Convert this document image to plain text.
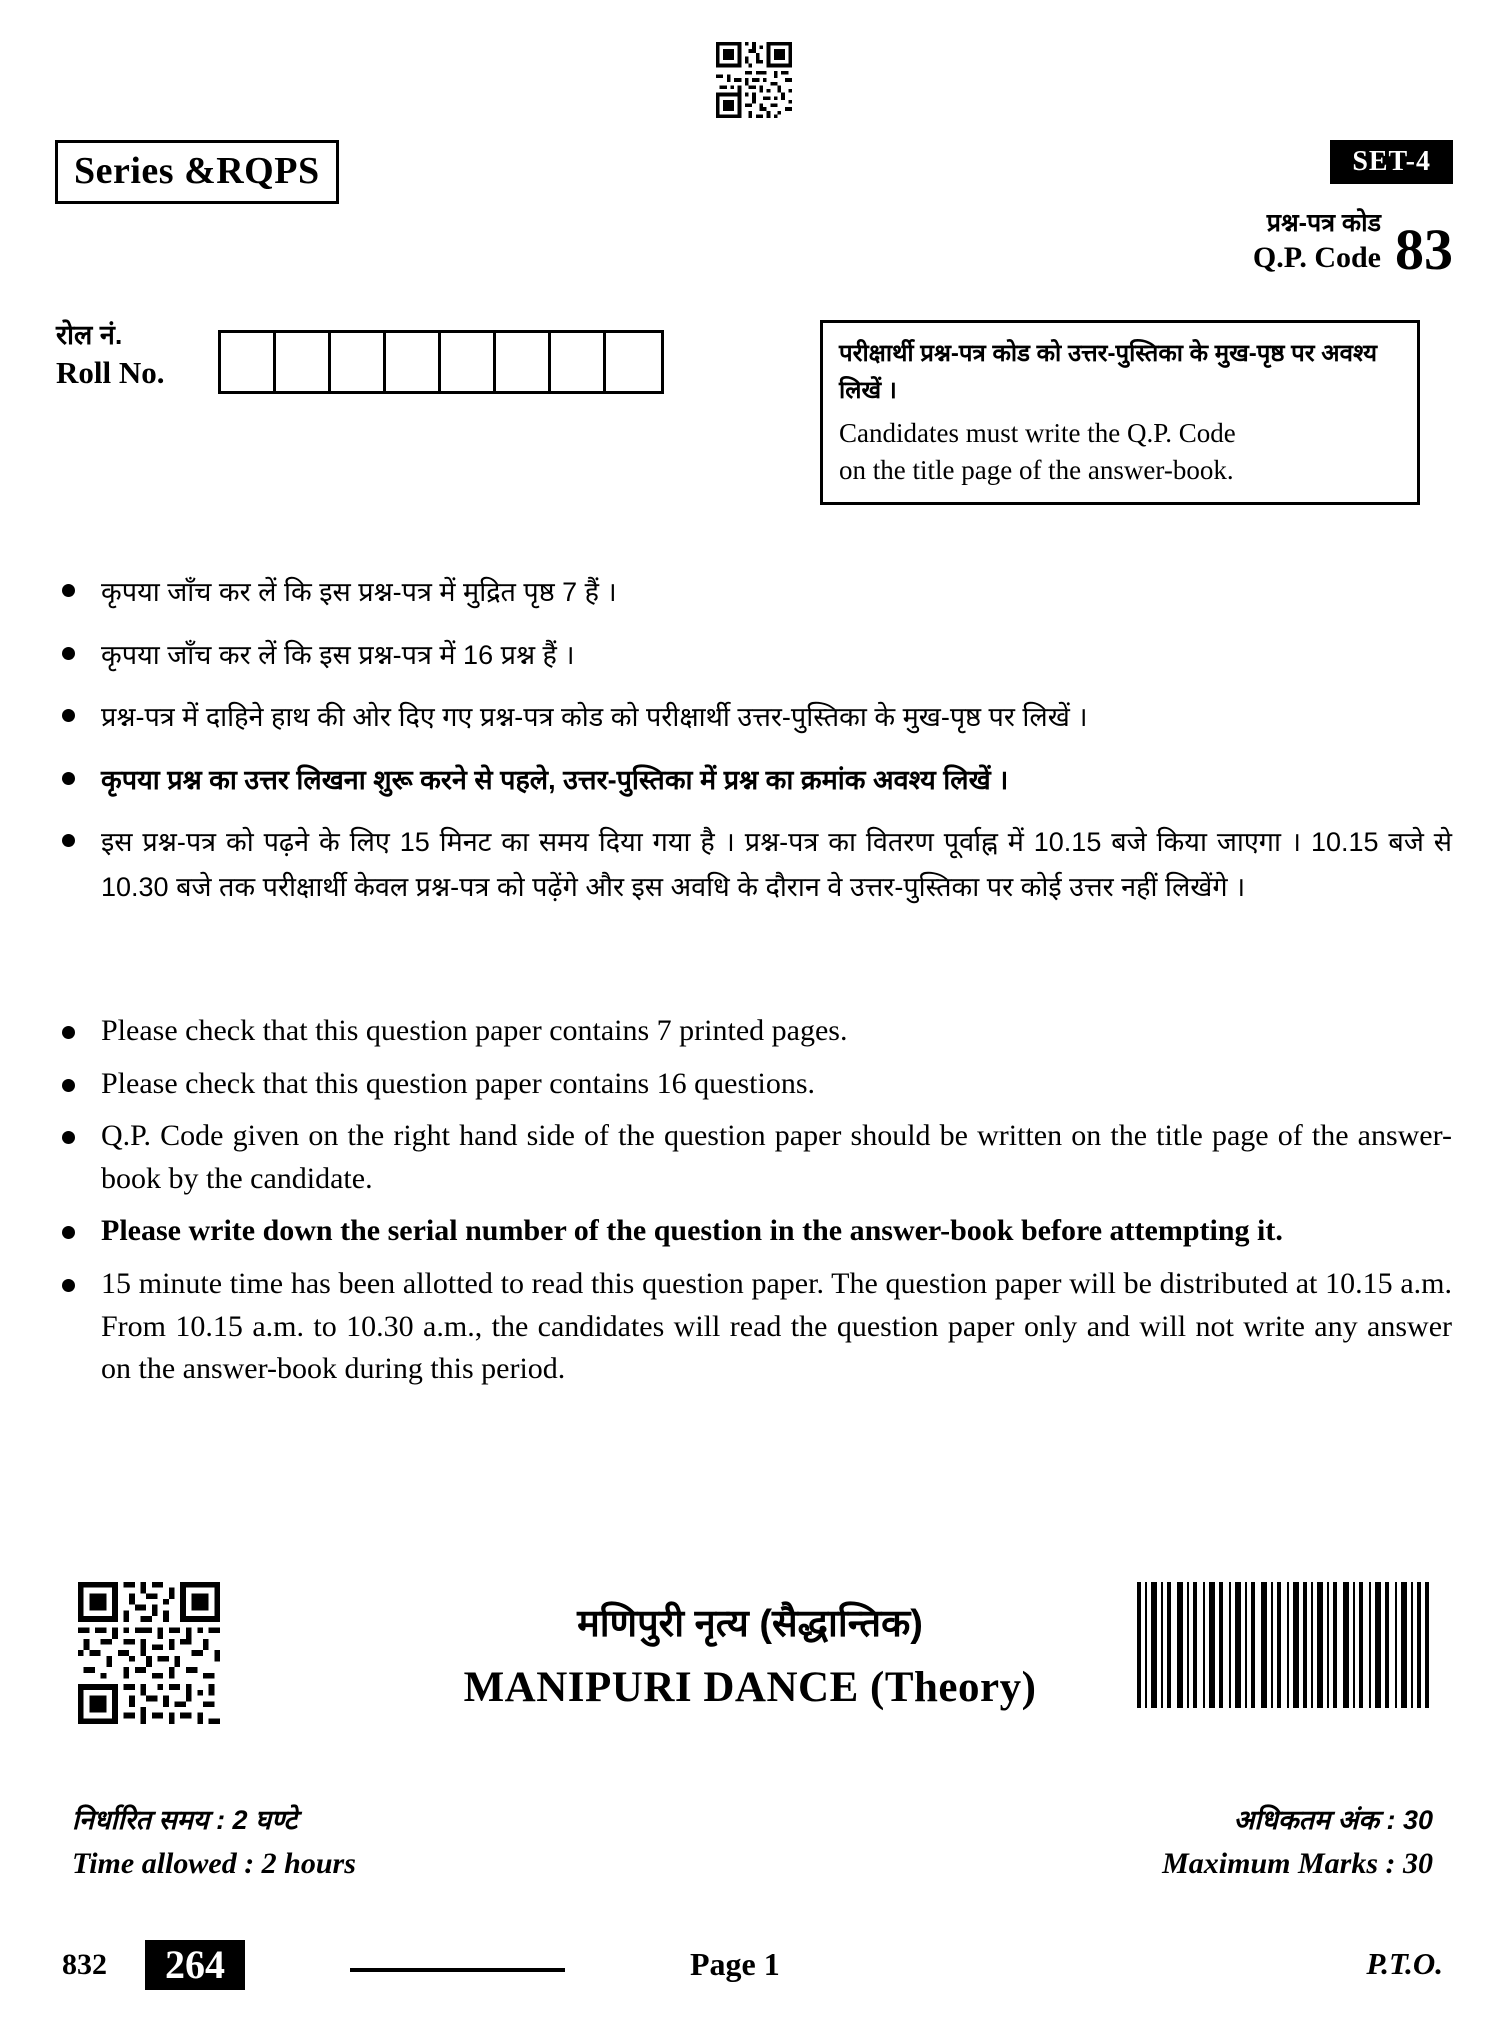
Series &RQPS	SET-4
प्रश्न-पत्र कोड
Q.P. Code 83
रोल नं.
Roll No.
परीक्षार्थी प्रश्न-पत्र कोड को उत्तर-पुस्तिका के मुख-पृष्ठ पर अवश्य लिखें ।
Candidates must write the Q.P. Code
on the title page of the answer-book.
कृपया जाँच कर लें कि इस प्रश्न-पत्र में मुद्रित पृष्ठ 7 हैं ।
कृपया जाँच कर लें कि इस प्रश्न-पत्र में 16 प्रश्न हैं ।
प्रश्न-पत्र में दाहिने हाथ की ओर दिए गए प्रश्न-पत्र कोड को परीक्षार्थी उत्तर-पुस्तिका के मुख-पृष्ठ पर लिखें ।
कृपया प्रश्न का उत्तर लिखना शुरू करने से पहले, उत्तर-पुस्तिका में प्रश्न का क्रमांक अवश्य लिखें ।
इस प्रश्न-पत्र को पढ़ने के लिए 15 मिनट का समय दिया गया है । प्रश्न-पत्र का वितरण पूर्वाह्न में 10.15 बजे किया जाएगा । 10.15 बजे से 10.30 बजे तक परीक्षार्थी केवल प्रश्न-पत्र को पढ़ेंगे और इस अवधि के दौरान वे उत्तर-पुस्तिका पर कोई उत्तर नहीं लिखेंगे ।
Please check that this question paper contains 7 printed pages.
Please check that this question paper contains 16 questions.
Q.P. Code given on the right hand side of the question paper should be written on the title page of the answer-book by the candidate.
Please write down the serial number of the question in the answer-book before attempting it.
15 minute time has been allotted to read this question paper. The question paper will be distributed at 10.15 a.m. From 10.15 a.m. to 10.30 a.m., the candidates will read the question paper only and will not write any answer on the answer-book during this period.
मणिपुरी नृत्य (सैद्धान्तिक)
MANIPURI DANCE (Theory)
निर्धारित समय : 2 घण्टे
Time allowed : 2 hours
अधिकतम अंक : 30
Maximum Marks : 30
832	264	Page 1	P.T.O.
